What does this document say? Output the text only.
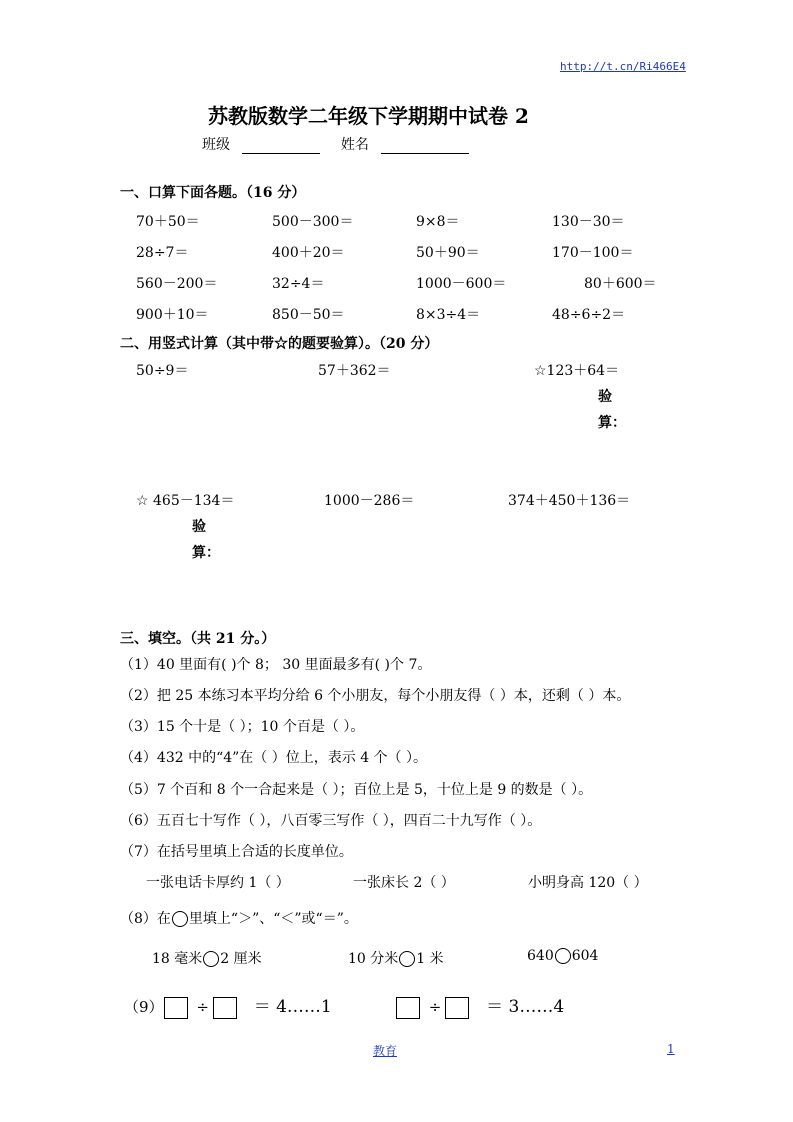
http://t.cn/Ri466E4
苏教版数学二年级下学期期中试卷 2
班级	姓名
一、口算下面各题。（16 分）
70＋50＝	500－300＝	9×8＝	130－30＝
28÷7＝	400＋20＝	50＋90＝	170－100＝
560－200＝	32÷4＝	1000－600＝	80＋600＝
900＋10＝	850－50＝	8×3÷4＝	48÷6÷2＝
二、用竖式计算（其中带☆的题要验算）。（20 分）
50÷9＝	57＋362＝	☆123＋64＝
验
算：
☆ 465－134＝	1000－286＝	374＋450＋136＝
验
算：
三、填空。（共 21 分。）
（1）40 里面有( )个 8； 30 里面最多有( )个 7。
（2）把 25 本练习本平均分给 6 个小朋友，每个小朋友得（ ）本，还剩（ ）本。
（3）15 个十是（ ）；10 个百是（ ）。
（4）432 中的“4”在（ ）位上，表示 4 个（ ）。
（5）7 个百和 8 个一合起来是（ ）；百位上是 5，十位上是 9 的数是（ ）。
（6）五百七十写作（ ），八百零三写作（ ），四百二十九写作（ ）。
（7）在括号里填上合适的长度单位。
一张电话卡厚约 1（ ）	一张床长 2（ ）	小明身高 120（ ）
（8）在 里填上“＞”、“＜”或“＝”。
18 毫米 2 厘米	10 分米 1 米	640 604
（9） ÷	＝ 4……1	÷	＝ 3……4
教育	1
